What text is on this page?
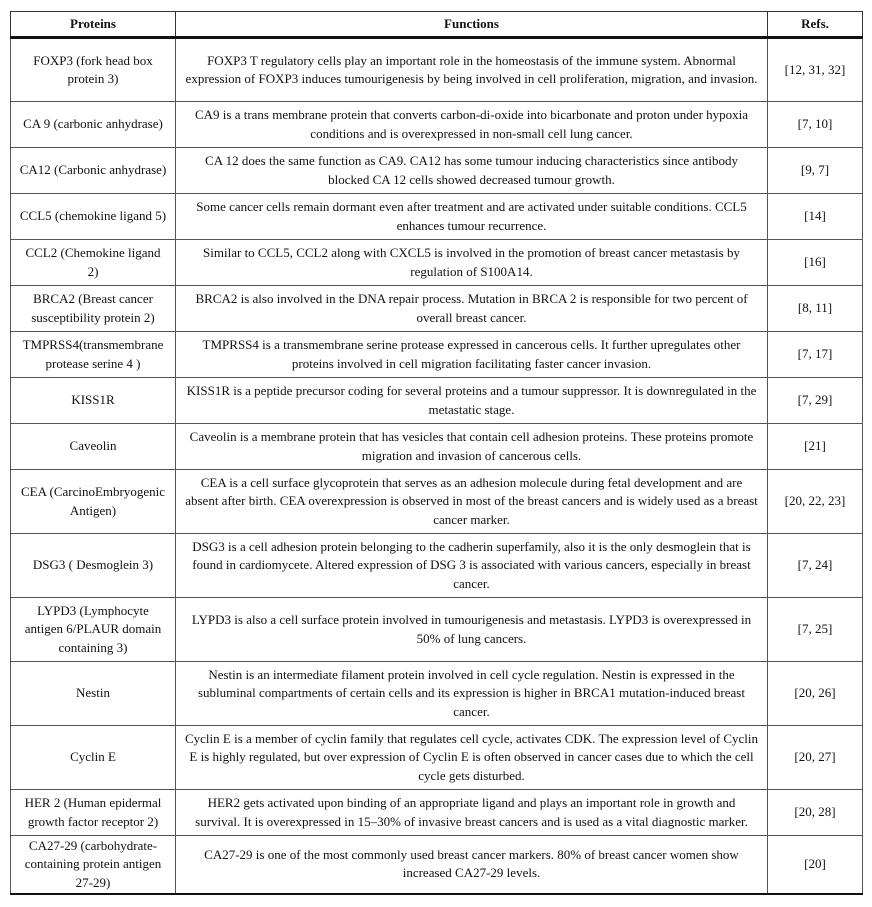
Proteins	Functions	Refs.
FOXP3 (fork head box protein 3)	FOXP3 T regulatory cells play an important role in the homeostasis of the immune system. Abnormal expression of FOXP3 induces tumourigenesis by being involved in cell proliferation, migration, and invasion.	[12, 31, 32]
CA 9 (carbonic anhydrase)	CA9 is a trans membrane protein that converts carbon-di-oxide into bicarbonate and proton under hypoxia conditions and is overexpressed in non-small cell lung cancer.	[7, 10]
CA12 (Carbonic anhydrase)	CA 12 does the same function as CA9. CA12 has some tumour inducing characteristics since antibody blocked CA 12 cells showed decreased tumour growth.	[9, 7]
CCL5 (chemokine ligand 5)	Some cancer cells remain dormant even after treatment and are activated under suitable conditions. CCL5 enhances tumour recurrence.	[14]
CCL2 (Chemokine ligand 2)	Similar to CCL5, CCL2 along with CXCL5 is involved in the promotion of breast cancer metastasis by regulation of S100A14.	[16]
BRCA2 (Breast cancer susceptibility protein 2)	BRCA2 is also involved in the DNA repair process. Mutation in BRCA 2 is responsible for two percent of overall breast cancer.	[8, 11]
TMPRSS4(transmembrane protease serine 4 )	TMPRSS4 is a transmembrane serine protease expressed in cancerous cells. It further upregulates other proteins involved in cell migration facilitating faster cancer invasion.	[7, 17]
KISS1R	KISS1R is a peptide precursor coding for several proteins and a tumour suppressor. It is downregulated in the metastatic stage.	[7, 29]
Caveolin	Caveolin is a membrane protein that has vesicles that contain cell adhesion proteins. These proteins promote migration and invasion of cancerous cells.	[21]
CEA (CarcinoEmbryogenic Antigen)	CEA is a cell surface glycoprotein that serves as an adhesion molecule during fetal development and are absent after birth. CEA overexpression is observed in most of the breast cancers and is widely used as a breast cancer marker.	[20, 22, 23]
DSG3 ( Desmoglein 3)	DSG3 is a cell adhesion protein belonging to the cadherin superfamily, also it is the only desmoglein that is found in cardiomycete. Altered expression of DSG 3 is associated with various cancers, especially in breast cancer.	[7, 24]
LYPD3 (Lymphocyte antigen 6/PLAUR domain containing 3)	LYPD3 is also a cell surface protein involved in tumourigenesis and metastasis. LYPD3 is overexpressed in 50% of lung cancers.	[7, 25]
Nestin	Nestin is an intermediate filament protein involved in cell cycle regulation. Nestin is expressed in the subluminal compartments of certain cells and its expression is higher in BRCA1 mutation-induced breast cancer.	[20, 26]
Cyclin E	Cyclin E is a member of cyclin family that regulates cell cycle, activates CDK. The expression level of Cyclin E is highly regulated, but over expression of Cyclin E is often observed in cancer cases due to which the cell cycle gets disturbed.	[20, 27]
HER 2 (Human epidermal growth factor receptor 2)	HER2 gets activated upon binding of an appropriate ligand and plays an important role in growth and survival. It is overexpressed in 15–30% of invasive breast cancers and is used as a vital diagnostic marker.	[20, 28]
CA27-29 (carbohydrate-containing protein antigen 27-29)	CA27-29 is one of the most commonly used breast cancer markers. 80% of breast cancer women show increased CA27-29 levels.	[20]
